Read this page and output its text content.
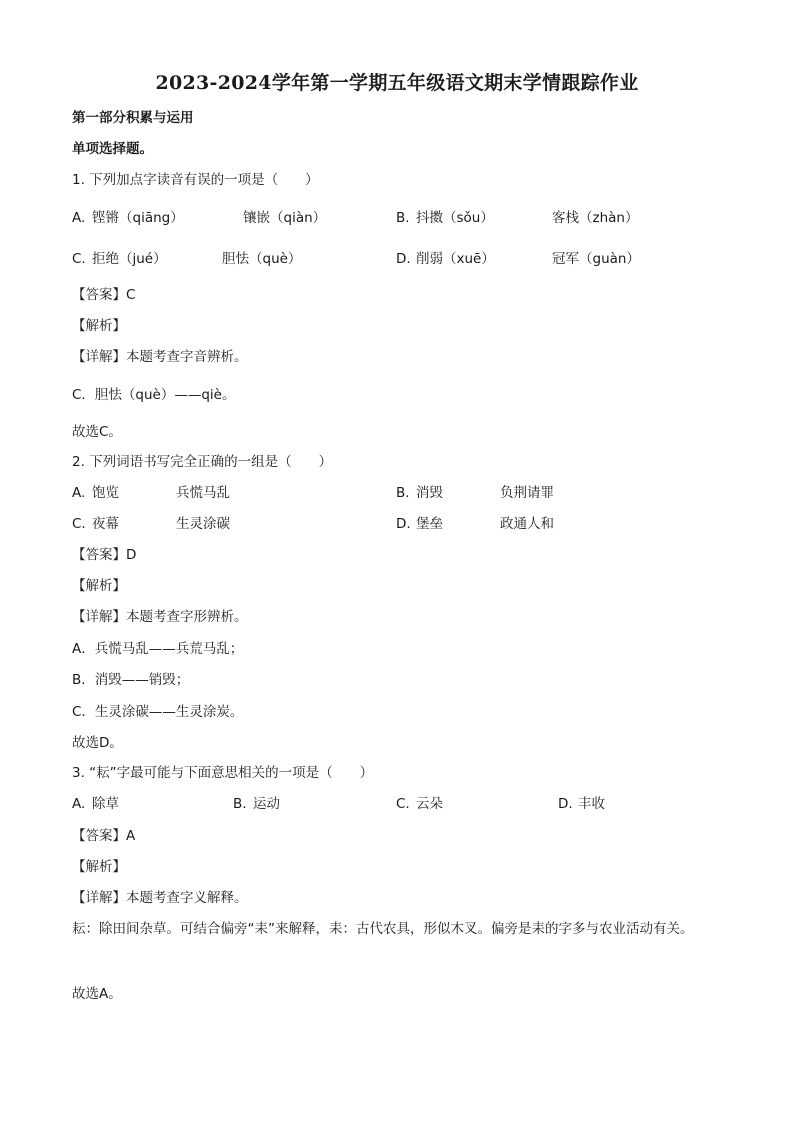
2023-2024学年第一学期五年级语文期末学情跟踪作业
第一部分积累与运用
单项选择题。
1. 下列加点字读音有误的一项是（　　）
A. 铿锵（qiāng）	镶嵌（qiàn）	B. 抖擞（sǒu）	客栈（zhàn）
C. 拒绝（jué）	胆怯（què）	D. 削弱（xuē）	冠军（guàn）
【答案】C
【解析】
【详解】本题考查字音辨析。
C．胆怯（què）——qiè。
故选C。
2. 下列词语书写完全正确的一组是（　　）
A. 饱览	兵慌马乱	B. 消毁	负荆请罪
C. 夜幕	生灵涂碳	D. 堡垒	政通人和
【答案】D
【解析】
【详解】本题考查字形辨析。
A．兵慌马乱——兵荒马乱；
B．消毁——销毁；
C．生灵涂碳——生灵涂炭。
故选D。
3. “耘”字最可能与下面意思相关的一项是（　　）
A. 除草	B. 运动	C. 云朵	D. 丰收
【答案】A
【解析】
【详解】本题考查字义解释。
耘：除田间杂草。可结合偏旁“耒”来解释，耒：古代农具，形似木叉。偏旁是耒的字多与农业活动有关。
故选A。
